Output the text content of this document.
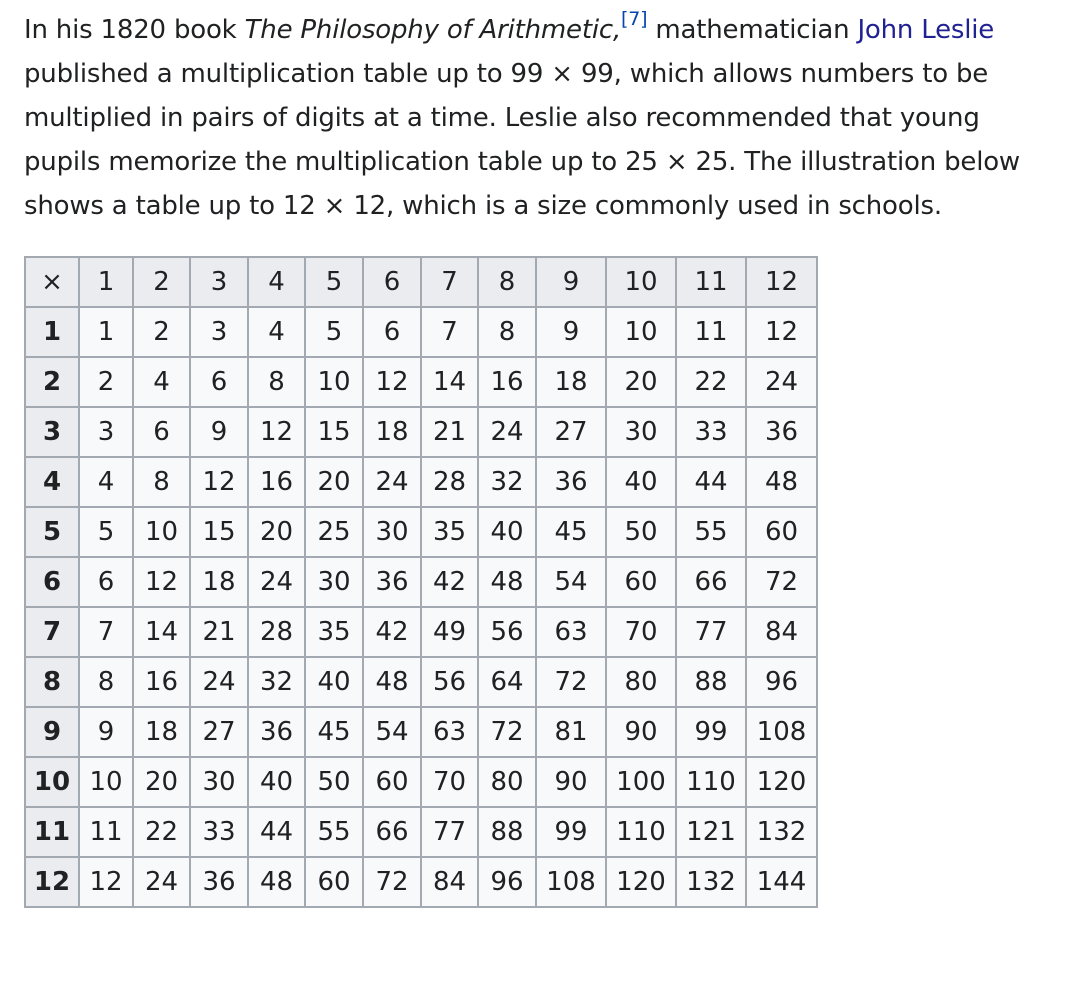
In his 1820 book The Philosophy of Arithmetic,[7] mathematician John Leslie published a multiplication table up to 99 × 99, which allows numbers to be multiplied in pairs of digits at a time. Leslie also recommended that young pupils memorize the multiplication table up to 25 × 25. The illustration below shows a table up to 12 × 12, which is a size commonly used in schools.

×	1	2	3	4	5	6	7	8	9	10	11	12
1	1	2	3	4	5	6	7	8	9	10	11	12
2	2	4	6	8	10	12	14	16	18	20	22	24
3	3	6	9	12	15	18	21	24	27	30	33	36
4	4	8	12	16	20	24	28	32	36	40	44	48
5	5	10	15	20	25	30	35	40	45	50	55	60
6	6	12	18	24	30	36	42	48	54	60	66	72
7	7	14	21	28	35	42	49	56	63	70	77	84
8	8	16	24	32	40	48	56	64	72	80	88	96
9	9	18	27	36	45	54	63	72	81	90	99	108
10	10	20	30	40	50	60	70	80	90	100	110	120
11	11	22	33	44	55	66	77	88	99	110	121	132
12	12	24	36	48	60	72	84	96	108	120	132	144
